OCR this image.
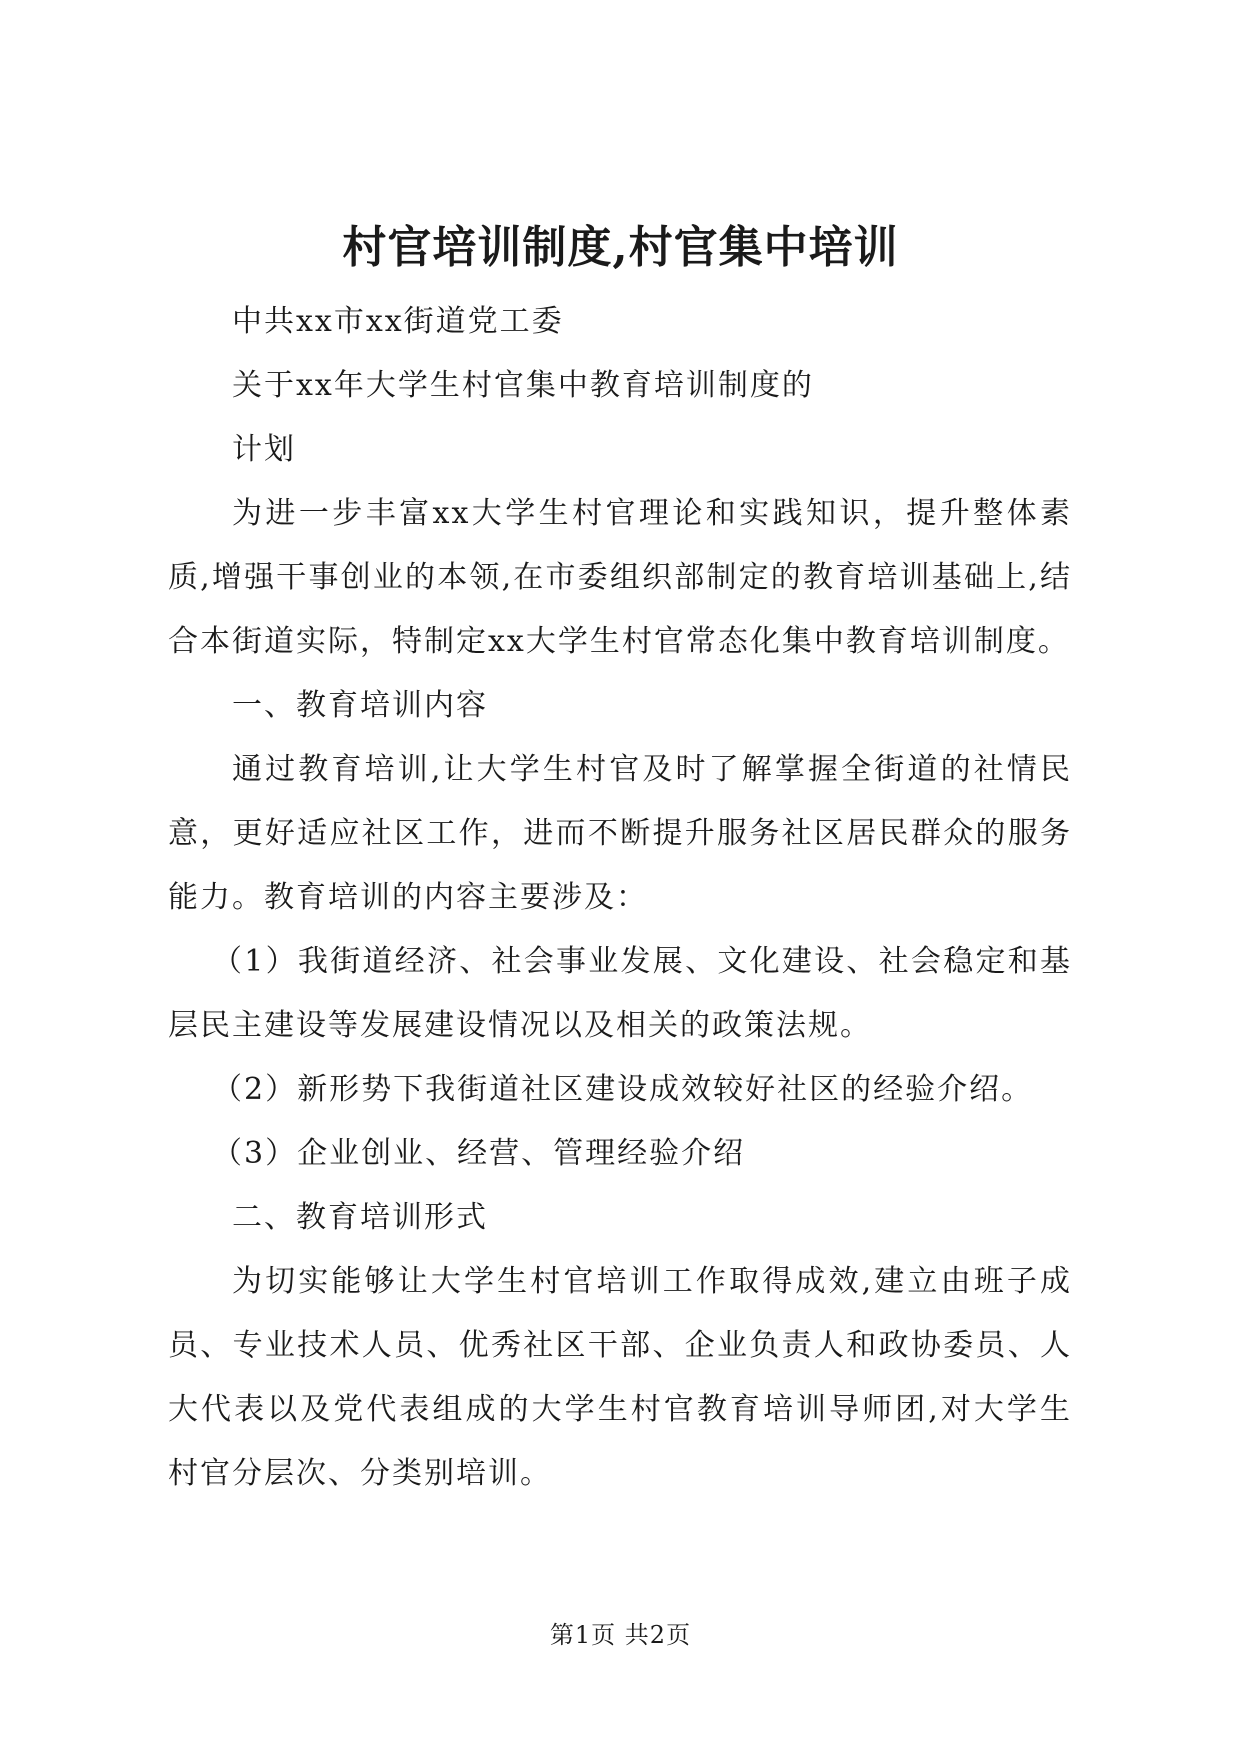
村官培训制度,村官集中培训

中共xx市xx街道党工委

关于xx年大学生村官集中教育培训制度的

计划

为进一步丰富xx大学生村官理论和实践知识，提升整体素质,增强干事创业的本领,在市委组织部制定的教育培训基础上,结合本街道实际，特制定xx大学生村官常态化集中教育培训制度。

一、教育培训内容

通过教育培训,让大学生村官及时了解掌握全街道的社情民意，更好适应社区工作，进而不断提升服务社区居民群众的服务能力。教育培训的内容主要涉及：

（1）我街道经济、社会事业发展、文化建设、社会稳定和基层民主建设等发展建设情况以及相关的政策法规。

（2）新形势下我街道社区建设成效较好社区的经验介绍。

（3）企业创业、经营、管理经验介绍

二、教育培训形式

为切实能够让大学生村官培训工作取得成效,建立由班子成员、专业技术人员、优秀社区干部、企业负责人和政协委员、人大代表以及党代表组成的大学生村官教育培训导师团,对大学生村官分层次、分类别培训。

第1页 共2页
